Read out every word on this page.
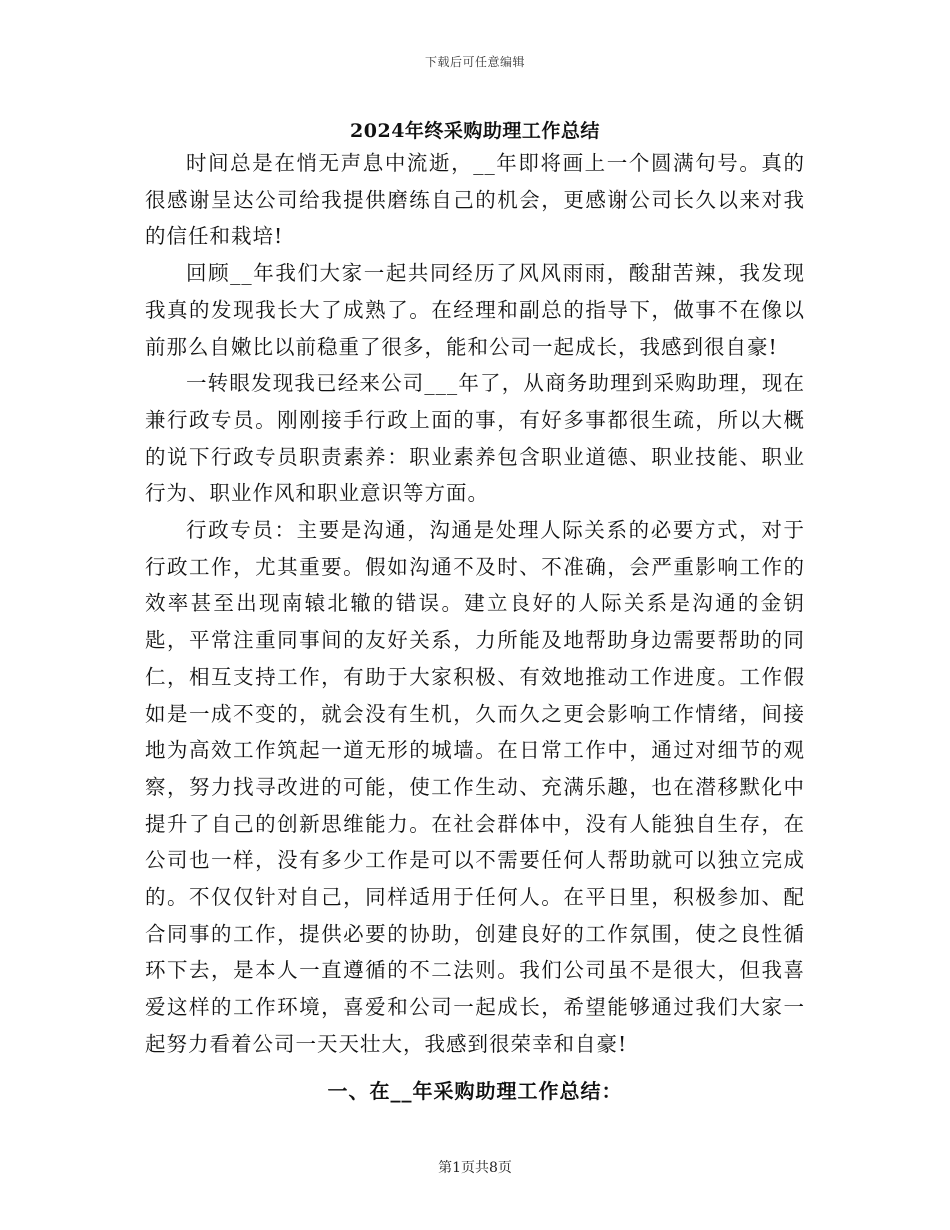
下载后可任意编辑
2024年终采购助理工作总结

时间总是在悄无声息中流逝，__年即将画上一个圆满句号。真的很感谢呈达公司给我提供磨练自己的机会，更感谢公司长久以来对我的信任和栽培!

回顾__年我们大家一起共同经历了风风雨雨，酸甜苦辣，我发现我真的发现我长大了成熟了。在经理和副总的指导下，做事不在像以前那么自嫩比以前稳重了很多，能和公司一起成长，我感到很自豪!

一转眼发现我已经来公司___年了，从商务助理到采购助理，现在兼行政专员。刚刚接手行政上面的事，有好多事都很生疏，所以大概的说下行政专员职责素养：职业素养包含职业道德、职业技能、职业行为、职业作风和职业意识等方面。

行政专员：主要是沟通，沟通是处理人际关系的必要方式，对于行政工作，尤其重要。假如沟通不及时、不准确，会严重影响工作的效率甚至出现南辕北辙的错误。建立良好的人际关系是沟通的金钥匙，平常注重同事间的友好关系，力所能及地帮助身边需要帮助的同仁，相互支持工作，有助于大家积极、有效地推动工作进度。工作假如是一成不变的，就会没有生机，久而久之更会影响工作情绪，间接地为高效工作筑起一道无形的城墙。在日常工作中，通过对细节的观察，努力找寻改进的可能，使工作生动、充满乐趣，也在潜移默化中提升了自己的创新思维能力。在社会群体中，没有人能独自生存，在公司也一样，没有多少工作是可以不需要任何人帮助就可以独立完成的。不仅仅针对自己，同样适用于任何人。在平日里，积极参加、配合同事的工作，提供必要的协助，创建良好的工作氛围，使之良性循环下去，是本人一直遵循的不二法则。我们公司虽不是很大，但我喜爱这样的工作环境，喜爱和公司一起成长，希望能够通过我们大家一起努力看着公司一天天壮大，我感到很荣幸和自豪!

一、在__年采购助理工作总结：
第1页共8页
